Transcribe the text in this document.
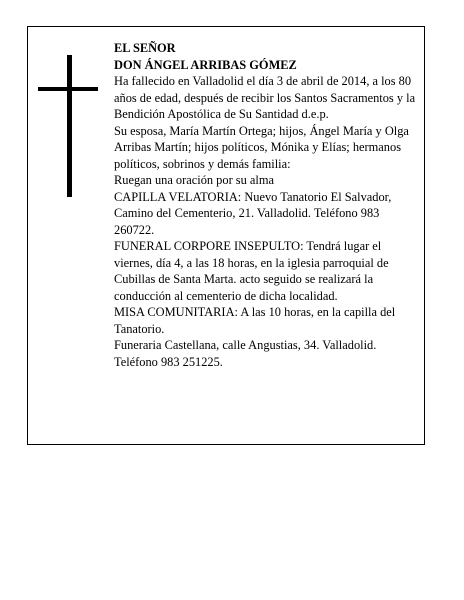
EL SEÑOR

DON ÁNGEL ARRIBAS GÓMEZ

Ha fallecido en Valladolid el día 3 de abril de 2014, a los 80 años de edad, después de recibir los Santos Sacramentos y la Bendición Apostólica de Su Santidad d.e.p.

Su esposa, María Martín Ortega; hijos, Ángel María y Olga Arribas Martín; hijos políticos, Mónika y Elías; hermanos políticos, sobrinos y demás familia:

Ruegan una oración por su alma

CAPILLA VELATORIA: Nuevo Tanatorio El Salvador, Camino del Cementerio, 21. Valladolid. Teléfono 983 260722.

FUNERAL CORPORE INSEPULTO: Tendrá lugar el viernes, día 4, a las 18 horas, en la iglesia parroquial de Cubillas de Santa Marta. acto seguido se realizará la conducción al cementerio de dicha localidad.

MISA COMUNITARIA: A las 10 horas, en la capilla del Tanatorio.

Funeraria Castellana, calle Angustias, 34. Valladolid. Teléfono 983 251225.
